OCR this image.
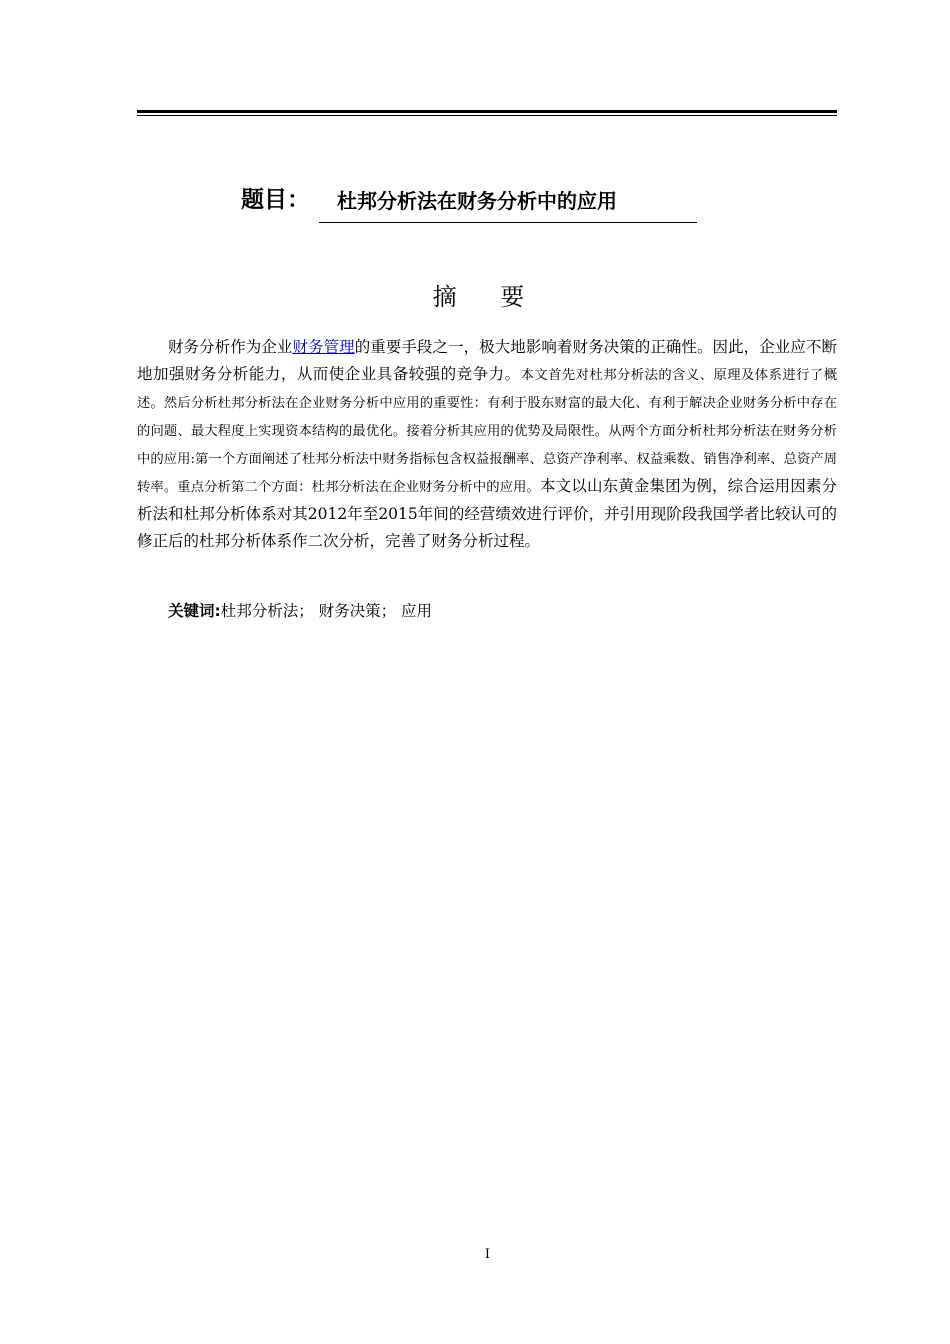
题目： 杜邦分析法在财务分析中的应用
摘 要
财务分析作为企业财务管理的重要手段之一，极大地影响着财务决策的正确性。因此，企业应不断地加强财务分析能力，从而使企业具备较强的竞争力。本文首先对杜邦分析法的含义、原理及体系进行了概述。然后分析杜邦分析法在企业财务分析中应用的重要性：有利于股东财富的最大化、有利于解决企业财务分析中存在的问题、最大程度上实现资本结构的最优化。接着分析其应用的优势及局限性。从两个方面分析杜邦分析法在财务分析中的应用:第一个方面阐述了杜邦分析法中财务指标包含权益报酬率、总资产净利率、权益乘数、销售净利率、总资产周转率。重点分析第二个方面：杜邦分析法在企业财务分析中的应用。本文以山东黄金集团为例，综合运用因素分析法和杜邦分析体系对其2012年至2015年间的经营绩效进行评价，并引用现阶段我国学者比较认可的修正后的杜邦分析体系作二次分析，完善了财务分析过程。
关键词:杜邦分析法； 财务决策； 应用
I
